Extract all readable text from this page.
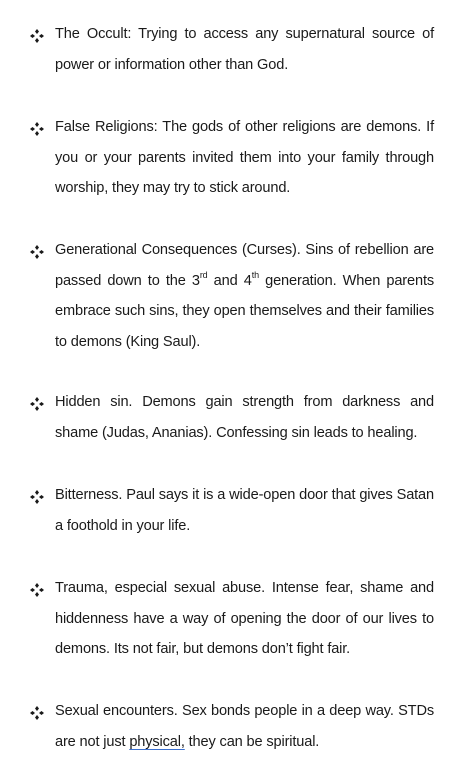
The Occult: Trying to access any supernatural source of power or information other than God.
False Religions: The gods of other religions are demons. If you or your parents invited them into your family through worship, they may try to stick around.
Generational Consequences (Curses). Sins of rebellion are passed down to the 3rd and 4th generation. When parents embrace such sins, they open themselves and their families to demons (King Saul).
Hidden sin. Demons gain strength from darkness and shame (Judas, Ananias). Confessing sin leads to healing.
Bitterness. Paul says it is a wide-open door that gives Satan a foothold in your life.
Trauma, especial sexual abuse. Intense fear, shame and hiddenness have a way of opening the door of our lives to demons. Its not fair, but demons don’t fight fair.
Sexual encounters. Sex bonds people in a deep way. STDs are not just physical, they can be spiritual.
